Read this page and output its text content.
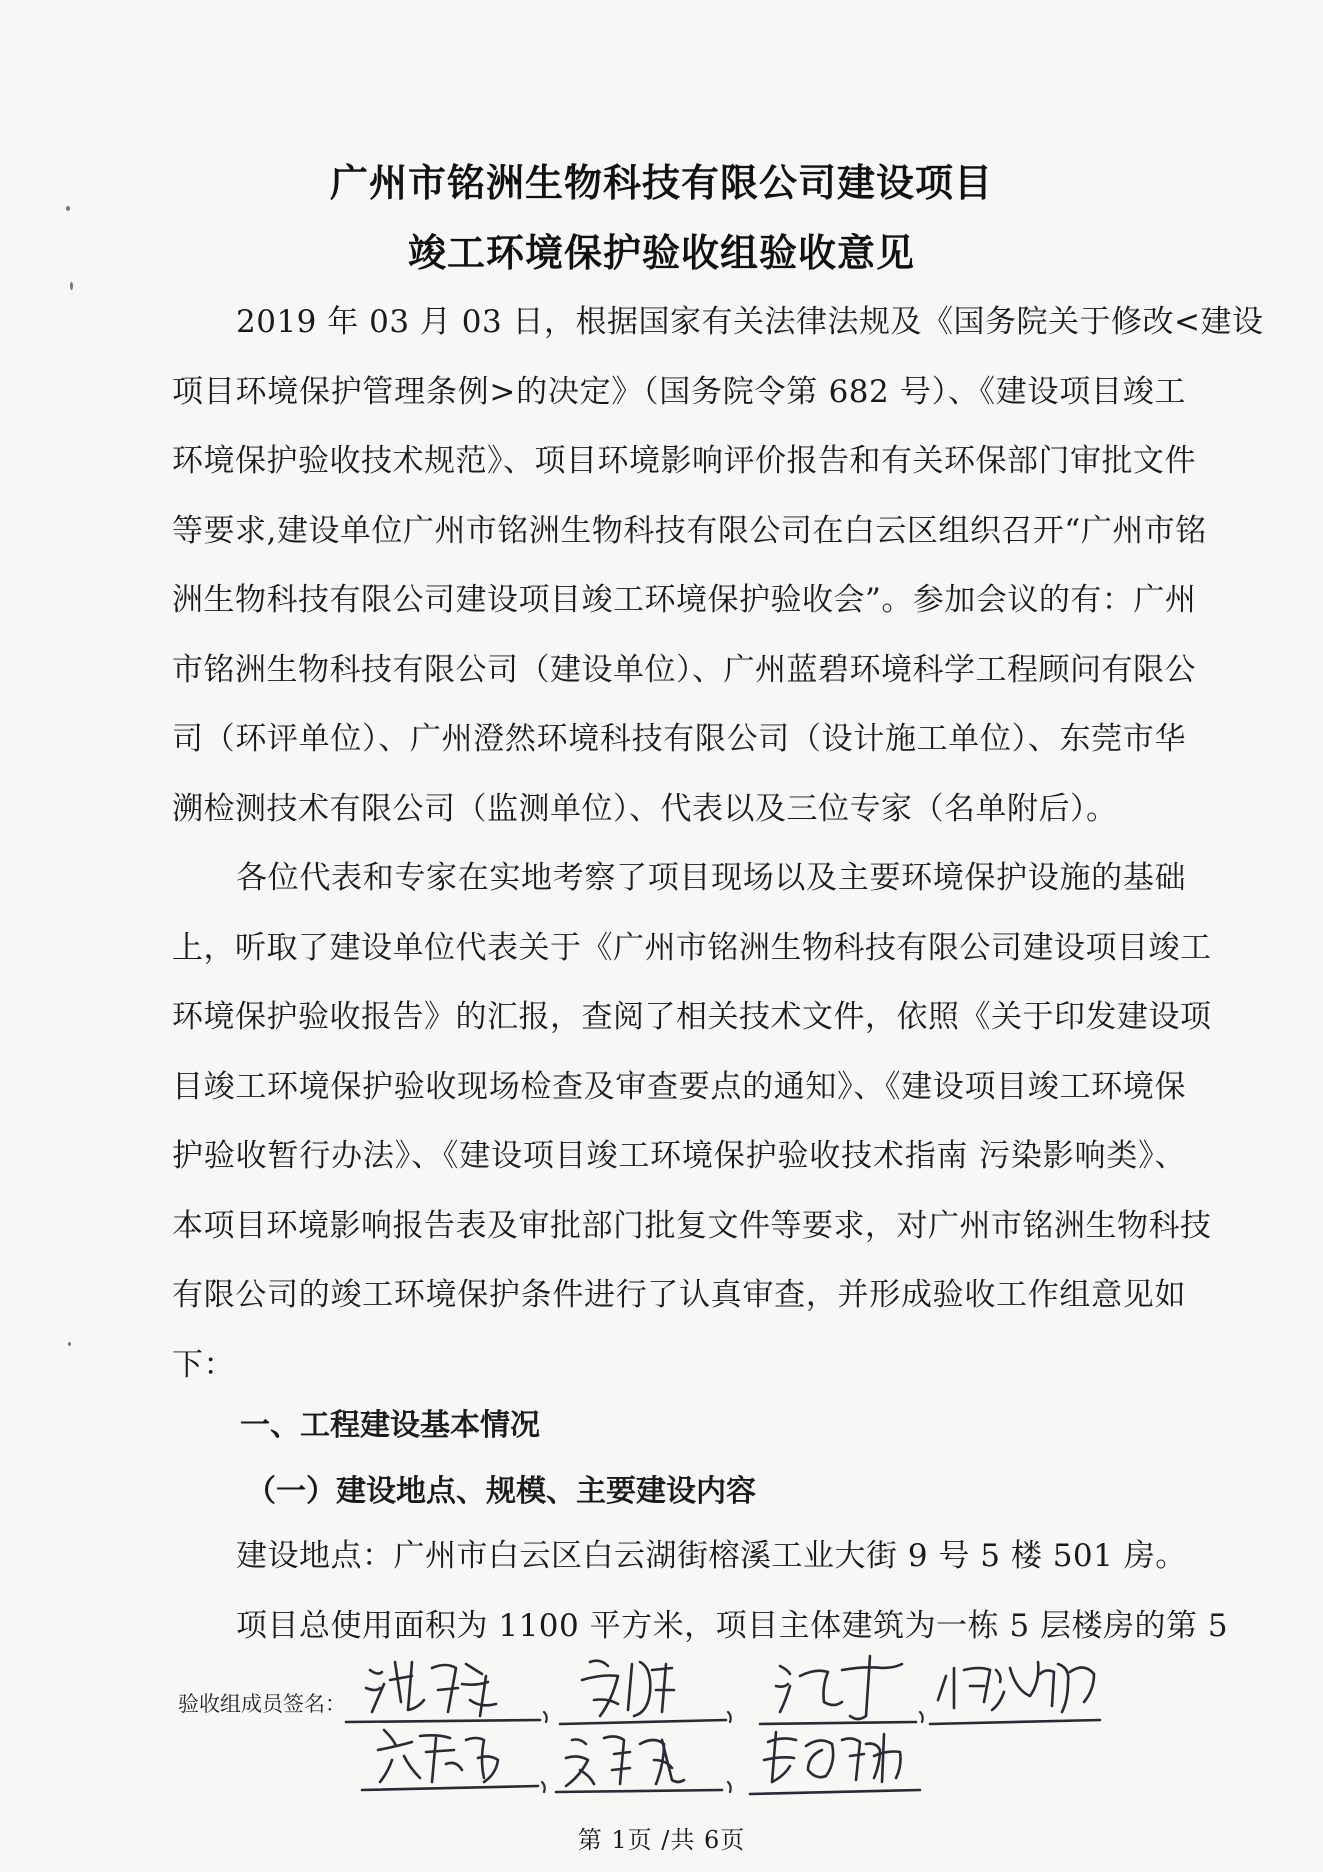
广州市铭洲生物科技有限公司建设项目
竣工环境保护验收组验收意见
2019 年 03 月 03 日，根据国家有关法律法规及《国务院关于修改<建设
项目环境保护管理条例>的决定》（国务院令第 682 号）、《建设项目竣工
环境保护验收技术规范》、项目环境影响评价报告和有关环保部门审批文件
等要求,建设单位广州市铭洲生物科技有限公司在白云区组织召开“广州市铭
洲生物科技有限公司建设项目竣工环境保护验收会”。参加会议的有：广州
市铭洲生物科技有限公司（建设单位）、广州蓝碧环境科学工程顾问有限公
司（环评单位）、广州澄然环境科技有限公司（设计施工单位）、东莞市华
溯检测技术有限公司（监测单位）、代表以及三位专家（名单附后）。
各位代表和专家在实地考察了项目现场以及主要环境保护设施的基础
上，听取了建设单位代表关于《广州市铭洲生物科技有限公司建设项目竣工
环境保护验收报告》的汇报，查阅了相关技术文件，依照《关于印发建设项
目竣工环境保护验收现场检查及审查要点的通知》、《建设项目竣工环境保
护验收暂行办法》、《建设项目竣工环境保护验收技术指南 污染影响类》、
本项目环境影响报告表及审批部门批复文件等要求，对广州市铭洲生物科技
有限公司的竣工环境保护条件进行了认真审查，并形成验收工作组意见如
下：
一、工程建设基本情况
（一）建设地点、规模、主要建设内容
建设地点：广州市白云区白云湖街榕溪工业大街 9 号 5 楼 501 房。
项目总使用面积为 1100 平方米，项目主体建筑为一栋 5 层楼房的第 5
验收组成员签名：
第 1页 /共 6页
